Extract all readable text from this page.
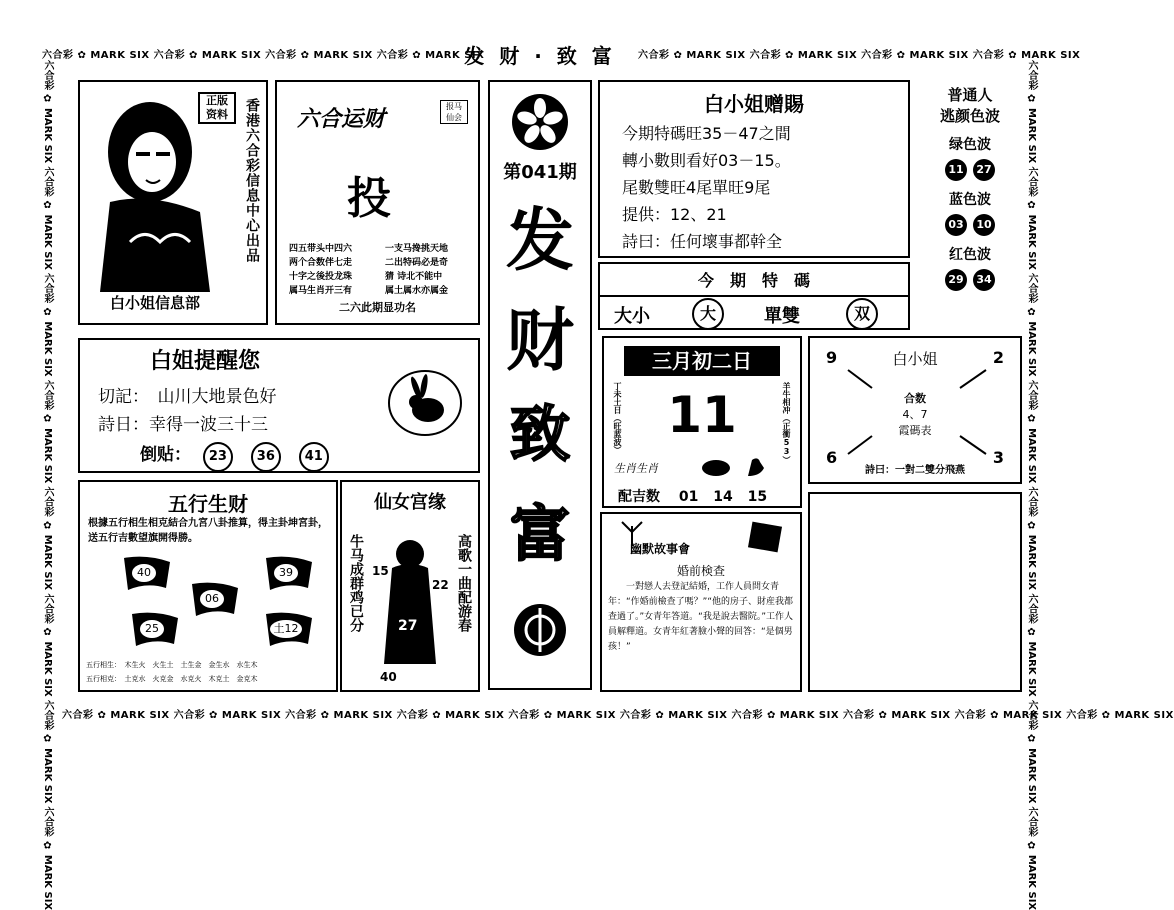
六合彩 ✿ MARK SIX 六合彩 ✿ MARK SIX 六合彩 ✿ MARK SIX 六合彩 ✿ MARK SIX
发 财 · 致 富	六合彩 ✿ MARK SIX 六合彩 ✿ MARK SIX 六合彩 ✿ MARK SIX 六合彩 ✿ MARK SIX
六合彩 ✿ MARK SIX 六合彩 ✿ MARK SIX 六合彩 ✿ MARK SIX 六合彩 ✿ MARK SIX 六合彩 ✿ MARK SIX 六合彩 ✿ MARK SIX 六合彩 ✿ MARK SIX 六合彩 ✿ MARK SIX 六合彩 ✿ MARK SIX 六合彩 ✿ MARK SIX
六合彩 ✿ MARK SIX 六合彩 ✿ MARK SIX 六合彩 ✿ MARK SIX 六合彩 ✿ MARK SIX 六合彩 ✿ MARK SIX 六合彩 ✿ MARK SIX 六合彩 ✿ MARK SIX 六合彩 ✿ MARK SIX
六合彩 ✿ MARK SIX 六合彩 ✿ MARK SIX 六合彩 ✿ MARK SIX 六合彩 ✿ MARK SIX 六合彩 ✿ MARK SIX 六合彩 ✿ MARK SIX 六合彩 ✿ MARK SIX 六合彩 ✿ MARK SIX
正版 资料
白小姐信息部
香港六合彩信息中心出品 六合运财
报马 仙会
投
四五带头中四六
两个合数伴七走
十字之後投龙珠
属马生肖开三有
一支马搀挑天地
二出特码必是奇
猜 诗北不能中
属土属水亦属金
二六此期显功名
第041期
发
财
致
富
白小姐赠賜
今期特碼旺35－47之間
轉小數則看好03－15。
尾數雙旺4尾單旺9尾
提供：12、21
詩曰：任何壞事都幹全
普通人
逃颜色波
绿色波
11 27
蓝色波
03 10
红色波
29 34
今　期　特　碼
大小	大	單雙	双
白姐提醒您
切記：　 山川大地景色好
詩日：幸得一波三十三
倒贴： 23 36 41
三月初二日
丁未土日（旺蓝波）	羊牛相冲（正衝53）
11
生肖生肖
配吉数　 01 14 15
白小姐
9	2
6	3
合数
4、7
霞碼表
詩曰：一對二雙分飛燕
五行生财
根據五行相生相克結合九宮八卦推算，得主卦坤宮卦，送五行吉數望旗開得勝。
40
06
39
25	土12
五行相生：　木生火　火生土　土生金　金生水　水生木
五行相克：　土克水　火克金　水克火　木克土　金克木
仙女宫缘
牛马成群鸡已分	高歌一曲配游春
15
22
27
40
幽默故事會
婚前検查
一對戀人去登記結婚，工作人員問女青年：“作婚前檢查了嗎？”“他的房子、財産我都查過了。”女青年答道。“我是說去醫院。”工作人員解釋道。女青年紅著臉小聲的回答：“是個男孩！”
